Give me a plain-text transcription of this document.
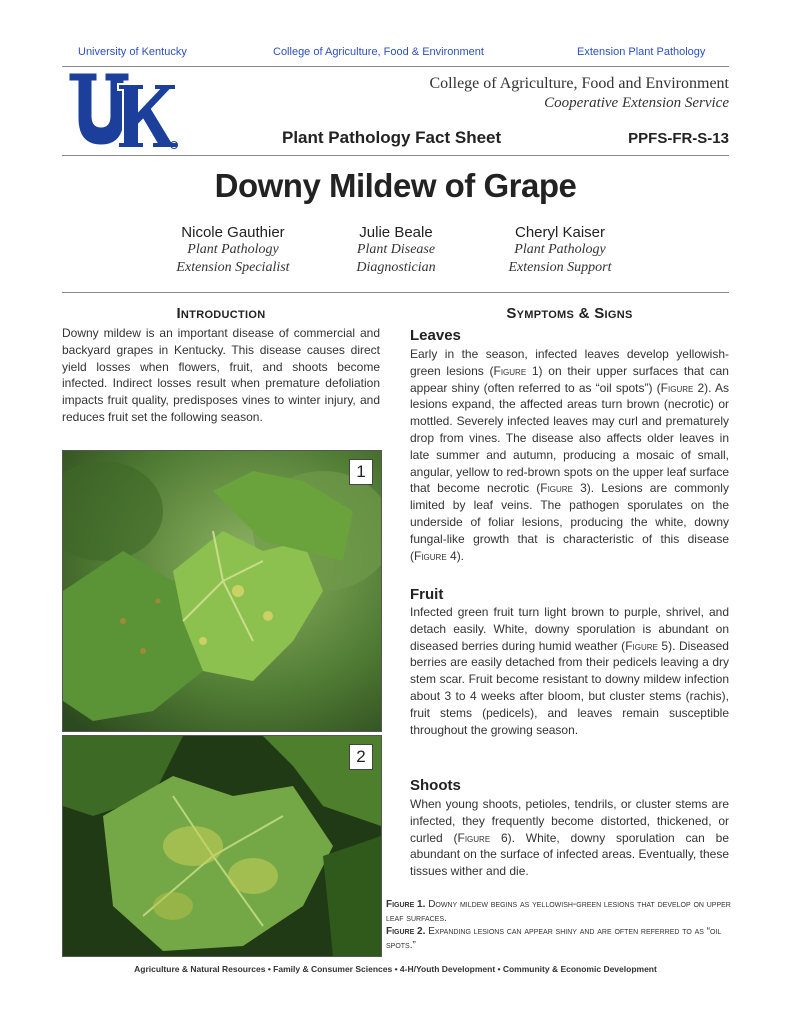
University of Kentucky	College of Agriculture, Food & Environment	Extension Plant Pathology
College of Agriculture, Food and Environment
Cooperative Extension Service
Plant Pathology Fact Sheet	PPFS-FR-S-13
Downy Mildew of Grape
Nicole Gauthier
Plant Pathology
Extension Specialist
Julie Beale
Plant Disease
Diagnostician
Cheryl Kaiser
Plant Pathology
Extension Support
Introduction
Downy mildew is an important disease of commercial and backyard grapes in Kentucky. This disease causes direct yield losses when flowers, fruit, and shoots become infected. Indirect losses result when premature defoliation impacts fruit quality, predisposes vines to winter injury, and reduces fruit set the following season.
Symptoms & Signs
Leaves
Early in the season, infected leaves develop yellowish-green lesions (Figure 1) on their upper surfaces that can appear shiny (often referred to as “oil spots”) (Figure 2). As lesions expand, the affected areas turn brown (necrotic) or mottled. Severely infected leaves may curl and prematurely drop from vines. The disease also affects older leaves in late summer and autumn, producing a mosaic of small, angular, yellow to red-brown spots on the upper leaf surface that become necrotic (Figure 3). Lesions are commonly limited by leaf veins. The pathogen sporulates on the underside of foliar lesions, producing the white, downy fungal-like growth that is characteristic of this disease (Figure 4).
Fruit
Infected green fruit turn light brown to purple, shrivel, and detach easily. White, downy sporulation is abundant on diseased berries during humid weather (Figure 5). Diseased berries are easily detached from their pedicels leaving a dry stem scar. Fruit become resistant to downy mildew infection about 3 to 4 weeks after bloom, but cluster stems (rachis), fruit stems (pedicels), and leaves remain susceptible throughout the growing season.
Shoots
When young shoots, petioles, tendrils, or cluster stems are infected, they frequently become distorted, thickened, or curled (Figure 6). White, downy sporulation can be abundant on the surface of infected areas. Eventually, these tissues wither and die.
1
2
Figure 1. Downy mildew begins as yellowish-green lesions that develop on upper leaf surfaces.
Figure 2. Expanding lesions can appear shiny and are often referred to as “oil spots.”
Agriculture & Natural Resources • Family & Consumer Sciences • 4-H/Youth Development • Community & Economic Development
